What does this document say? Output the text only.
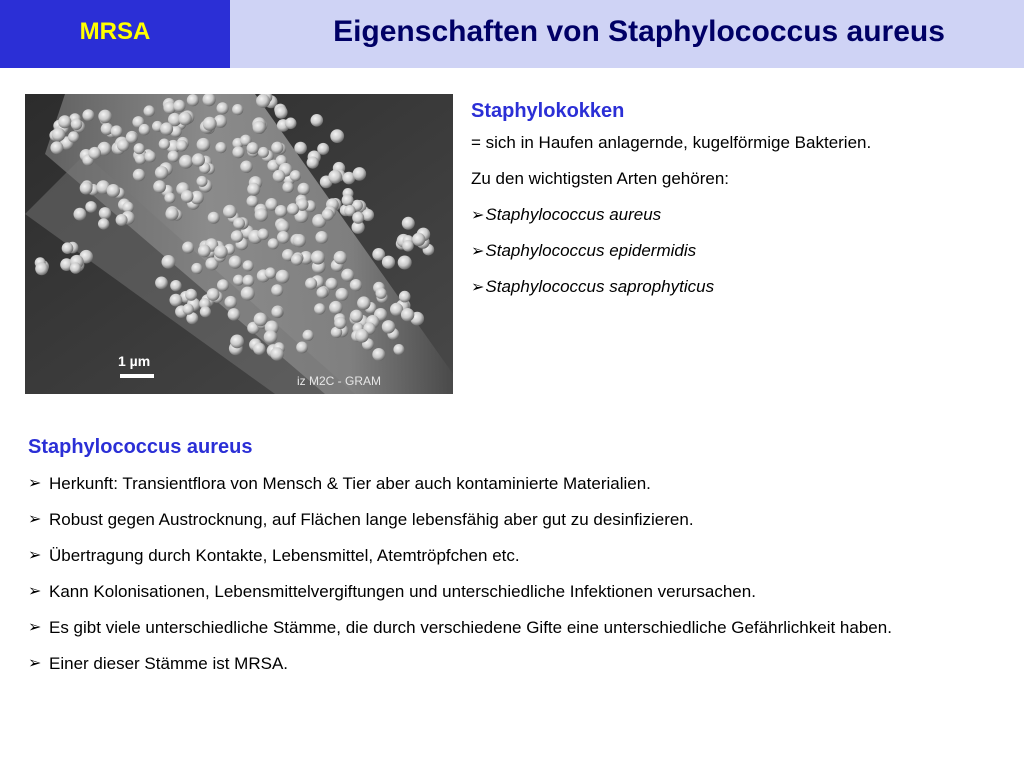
MRSA	Eigenschaften von Staphylococcus aureus
1 µm
iz M2C - GRAM
Staphylokokken
= sich in Haufen anlagernde, kugelförmige Bakterien.
Zu den wichtigsten Arten gehören:
➢ Staphylococcus aureus
➢ Staphylococcus epidermidis
➢ Staphylococcus saprophyticus
Staphylococcus aureus
➢ Herkunft: Transientflora von Mensch & Tier aber auch kontaminierte Materialien.
➢ Robust gegen Austrocknung, auf Flächen lange lebensfähig aber gut zu desinfizieren.
➢ Übertragung durch Kontakte, Lebensmittel, Atemtröpfchen etc.
➢ Kann Kolonisationen, Lebensmittelvergiftungen und unterschiedliche Infektionen verursachen.
➢ Es gibt viele unterschiedliche Stämme, die durch verschiedene Gifte eine unterschiedliche Gefährlichkeit haben.
➢ Einer dieser Stämme ist MRSA.
